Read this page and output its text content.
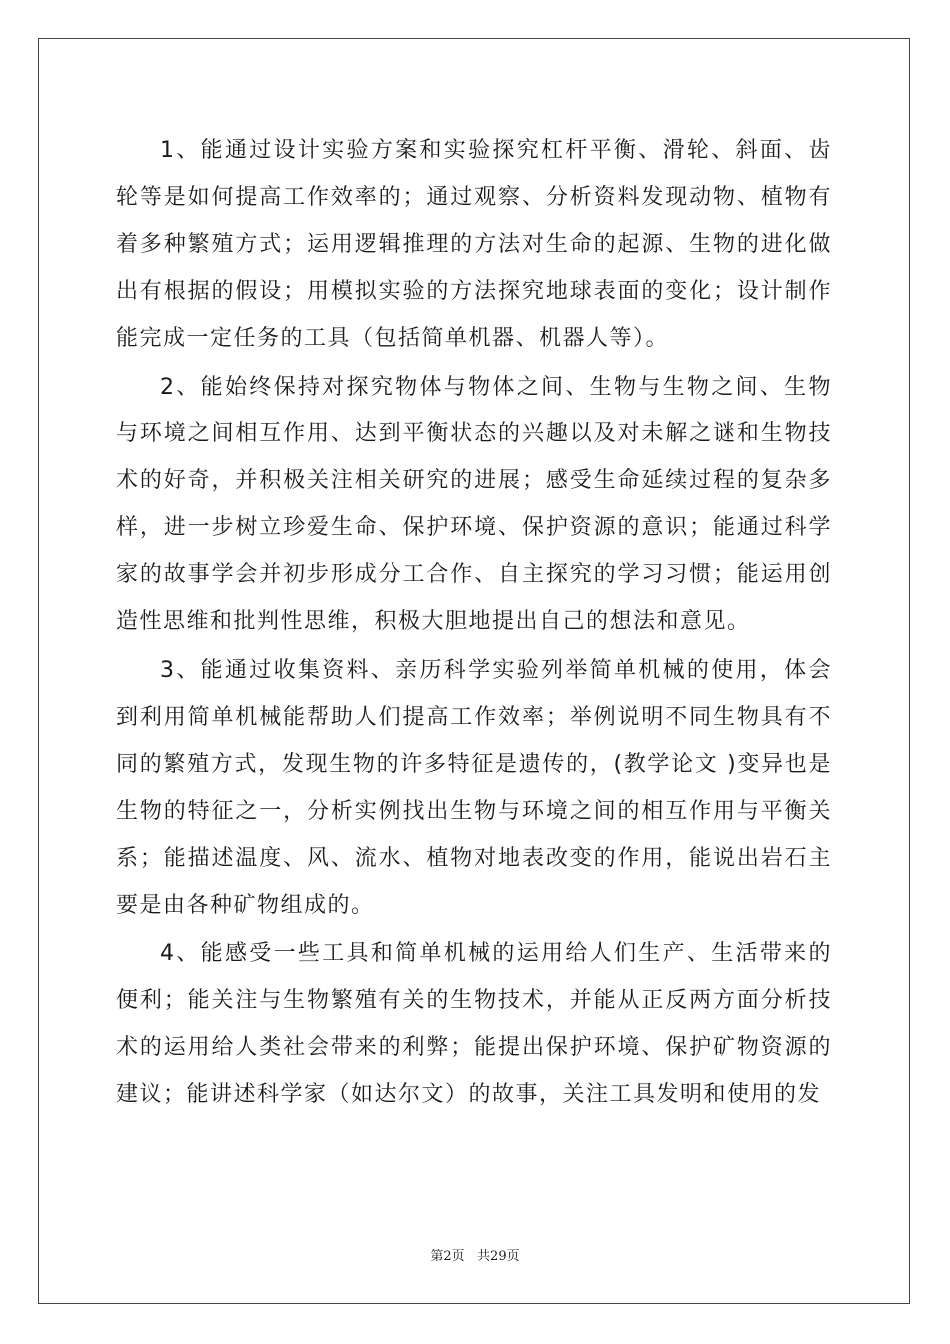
1、能通过设计实验方案和实验探究杠杆平衡、滑轮、斜面、齿轮等是如何提高工作效率的；通过观察、分析资料发现动物、植物有着多种繁殖方式；运用逻辑推理的方法对生命的起源、生物的进化做出有根据的假设；用模拟实验的方法探究地球表面的变化；设计制作能完成一定任务的工具（包括简单机器、机器人等）。

2、能始终保持对探究物体与物体之间、生物与生物之间、生物与环境之间相互作用、达到平衡状态的兴趣以及对未解之谜和生物技术的好奇，并积极关注相关研究的进展；感受生命延续过程的复杂多样，进一步树立珍爱生命、保护环境、保护资源的意识；能通过科学家的故事学会并初步形成分工合作、自主探究的学习习惯；能运用创造性思维和批判性思维，积极大胆地提出自己的想法和意见。

3、能通过收集资料、亲历科学实验列举简单机械的使用，体会到利用简单机械能帮助人们提高工作效率；举例说明不同生物具有不同的繁殖方式，发现生物的许多特征是遗传的，(教学论文 )变异也是生物的特征之一，分析实例找出生物与环境之间的相互作用与平衡关系；能描述温度、风、流水、植物对地表改变的作用，能说出岩石主要是由各种矿物组成的。

4、能感受一些工具和简单机械的运用给人们生产、生活带来的便利；能关注与生物繁殖有关的生物技术，并能从正反两方面分析技术的运用给人类社会带来的利弊；能提出保护环境、保护矿物资源的建议；能讲述科学家（如达尔文）的故事，关注工具发明和使用的发

第2页   共29页
